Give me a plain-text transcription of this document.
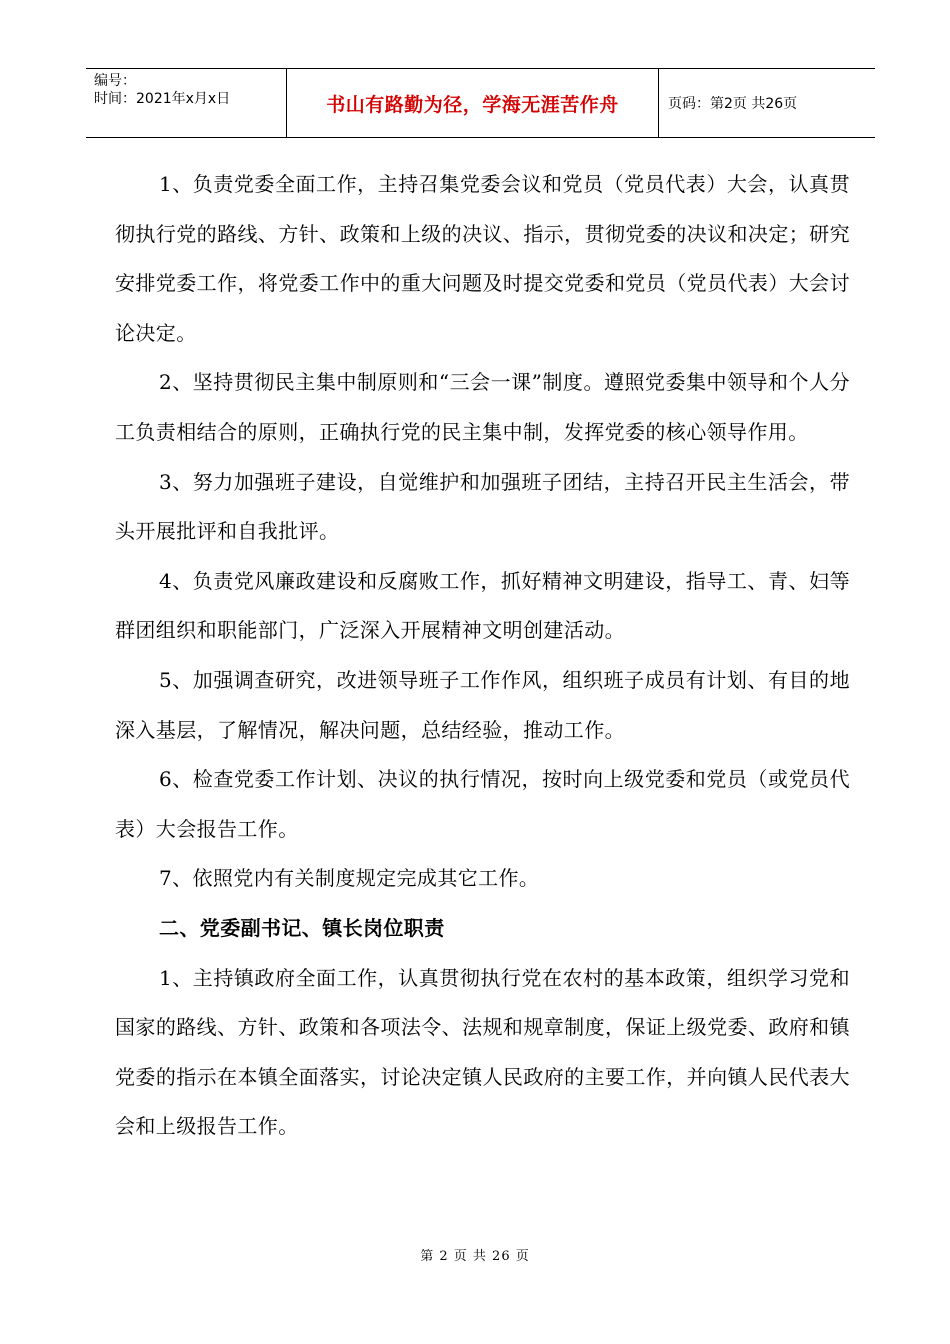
编号：
时间：2021年x月x日	书山有路勤为径，学海无涯苦作舟	页码：第2页 共26页

1、负责党委全面工作，主持召集党委会议和党员（党员代表）大会，认真贯彻执行党的路线、方针、政策和上级的决议、指示，贯彻党委的决议和决定；研究安排党委工作，将党委工作中的重大问题及时提交党委和党员（党员代表）大会讨论决定。

2、坚持贯彻民主集中制原则和“三会一课”制度。遵照党委集中领导和个人分工负责相结合的原则，正确执行党的民主集中制，发挥党委的核心领导作用。

3、努力加强班子建设，自觉维护和加强班子团结，主持召开民主生活会，带头开展批评和自我批评。

4、负责党风廉政建设和反腐败工作，抓好精神文明建设，指导工、青、妇等群团组织和职能部门，广泛深入开展精神文明创建活动。

5、加强调查研究，改进领导班子工作作风，组织班子成员有计划、有目的地深入基层，了解情况，解决问题，总结经验，推动工作。

6、检查党委工作计划、决议的执行情况，按时向上级党委和党员（或党员代表）大会报告工作。

7、依照党内有关制度规定完成其它工作。

二、党委副书记、镇长岗位职责

1、主持镇政府全面工作，认真贯彻执行党在农村的基本政策，组织学习党和国家的路线、方针、政策和各项法令、法规和规章制度，保证上级党委、政府和镇党委的指示在本镇全面落实，讨论决定镇人民政府的主要工作，并向镇人民代表大会和上级报告工作。

第 2 页 共 26 页
